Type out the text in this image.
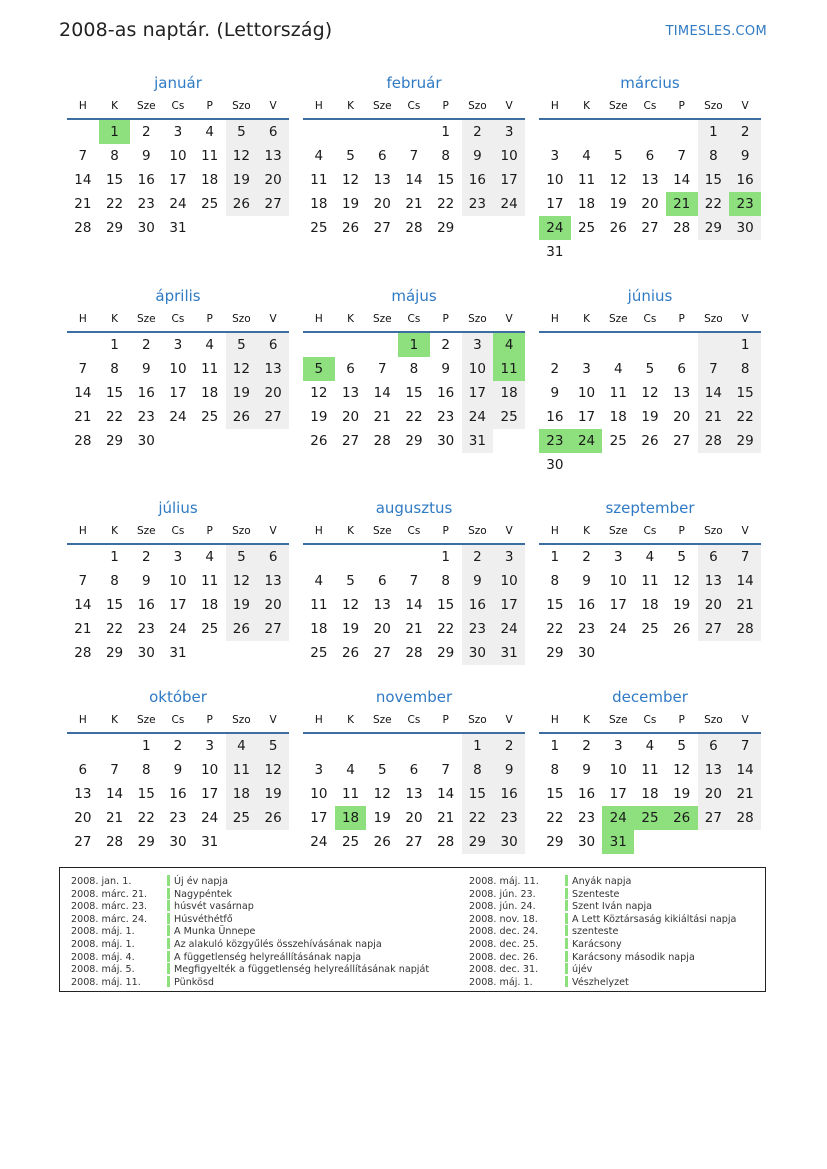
2008-as naptár. (Lettország)	TIMESLES.COM
január
H	K	Sze	Cs	P	Szo	V
	1	2	3	4	5	6
7	8	9	10	11	12	13
14	15	16	17	18	19	20
21	22	23	24	25	26	27
28	29	30	31			
február
H	K	Sze	Cs	P	Szo	V
				1	2	3
4	5	6	7	8	9	10
11	12	13	14	15	16	17
18	19	20	21	22	23	24
25	26	27	28	29		
március
H	K	Sze	Cs	P	Szo	V
					1	2
3	4	5	6	7	8	9
10	11	12	13	14	15	16
17	18	19	20	21	22	23
24	25	26	27	28	29	30
31						
április
H	K	Sze	Cs	P	Szo	V
	1	2	3	4	5	6
7	8	9	10	11	12	13
14	15	16	17	18	19	20
21	22	23	24	25	26	27
28	29	30				
május
H	K	Sze	Cs	P	Szo	V
			1	2	3	4
5	6	7	8	9	10	11
12	13	14	15	16	17	18
19	20	21	22	23	24	25
26	27	28	29	30	31	
június
H	K	Sze	Cs	P	Szo	V
						1
2	3	4	5	6	7	8
9	10	11	12	13	14	15
16	17	18	19	20	21	22
23	24	25	26	27	28	29
30						
július
H	K	Sze	Cs	P	Szo	V
	1	2	3	4	5	6
7	8	9	10	11	12	13
14	15	16	17	18	19	20
21	22	23	24	25	26	27
28	29	30	31			
augusztus
H	K	Sze	Cs	P	Szo	V
				1	2	3
4	5	6	7	8	9	10
11	12	13	14	15	16	17
18	19	20	21	22	23	24
25	26	27	28	29	30	31
szeptember
H	K	Sze	Cs	P	Szo	V
1	2	3	4	5	6	7
8	9	10	11	12	13	14
15	16	17	18	19	20	21
22	23	24	25	26	27	28
29	30					
október
H	K	Sze	Cs	P	Szo	V
		1	2	3	4	5
6	7	8	9	10	11	12
13	14	15	16	17	18	19
20	21	22	23	24	25	26
27	28	29	30	31		
november
H	K	Sze	Cs	P	Szo	V
					1	2
3	4	5	6	7	8	9
10	11	12	13	14	15	16
17	18	19	20	21	22	23
24	25	26	27	28	29	30
december
H	K	Sze	Cs	P	Szo	V
1	2	3	4	5	6	7
8	9	10	11	12	13	14
15	16	17	18	19	20	21
22	23	24	25	26	27	28
29	30	31				
2008. jan. 1.	Új év napja
2008. márc. 21.	Nagypéntek
2008. márc. 23.	húsvét vasárnap
2008. márc. 24.	Húsvéthétfő
2008. máj. 1.	A Munka Ünnepe
2008. máj. 1.	Az alakuló közgyűlés összehívásának napja
2008. máj. 4.	A függetlenség helyreállításának napja
2008. máj. 5.	Megfigyelték a függetlenség helyreállításának napját
2008. máj. 11.	Pünkösd
2008. máj. 11.	Anyák napja
2008. jún. 23.	Szenteste
2008. jún. 24.	Szent Iván napja
2008. nov. 18.	A Lett Köztársaság kikiáltási napja
2008. dec. 24.	szenteste
2008. dec. 25.	Karácsony
2008. dec. 26.	Karácsony második napja
2008. dec. 31.	újév
2008. máj. 1.	Vészhelyzet
